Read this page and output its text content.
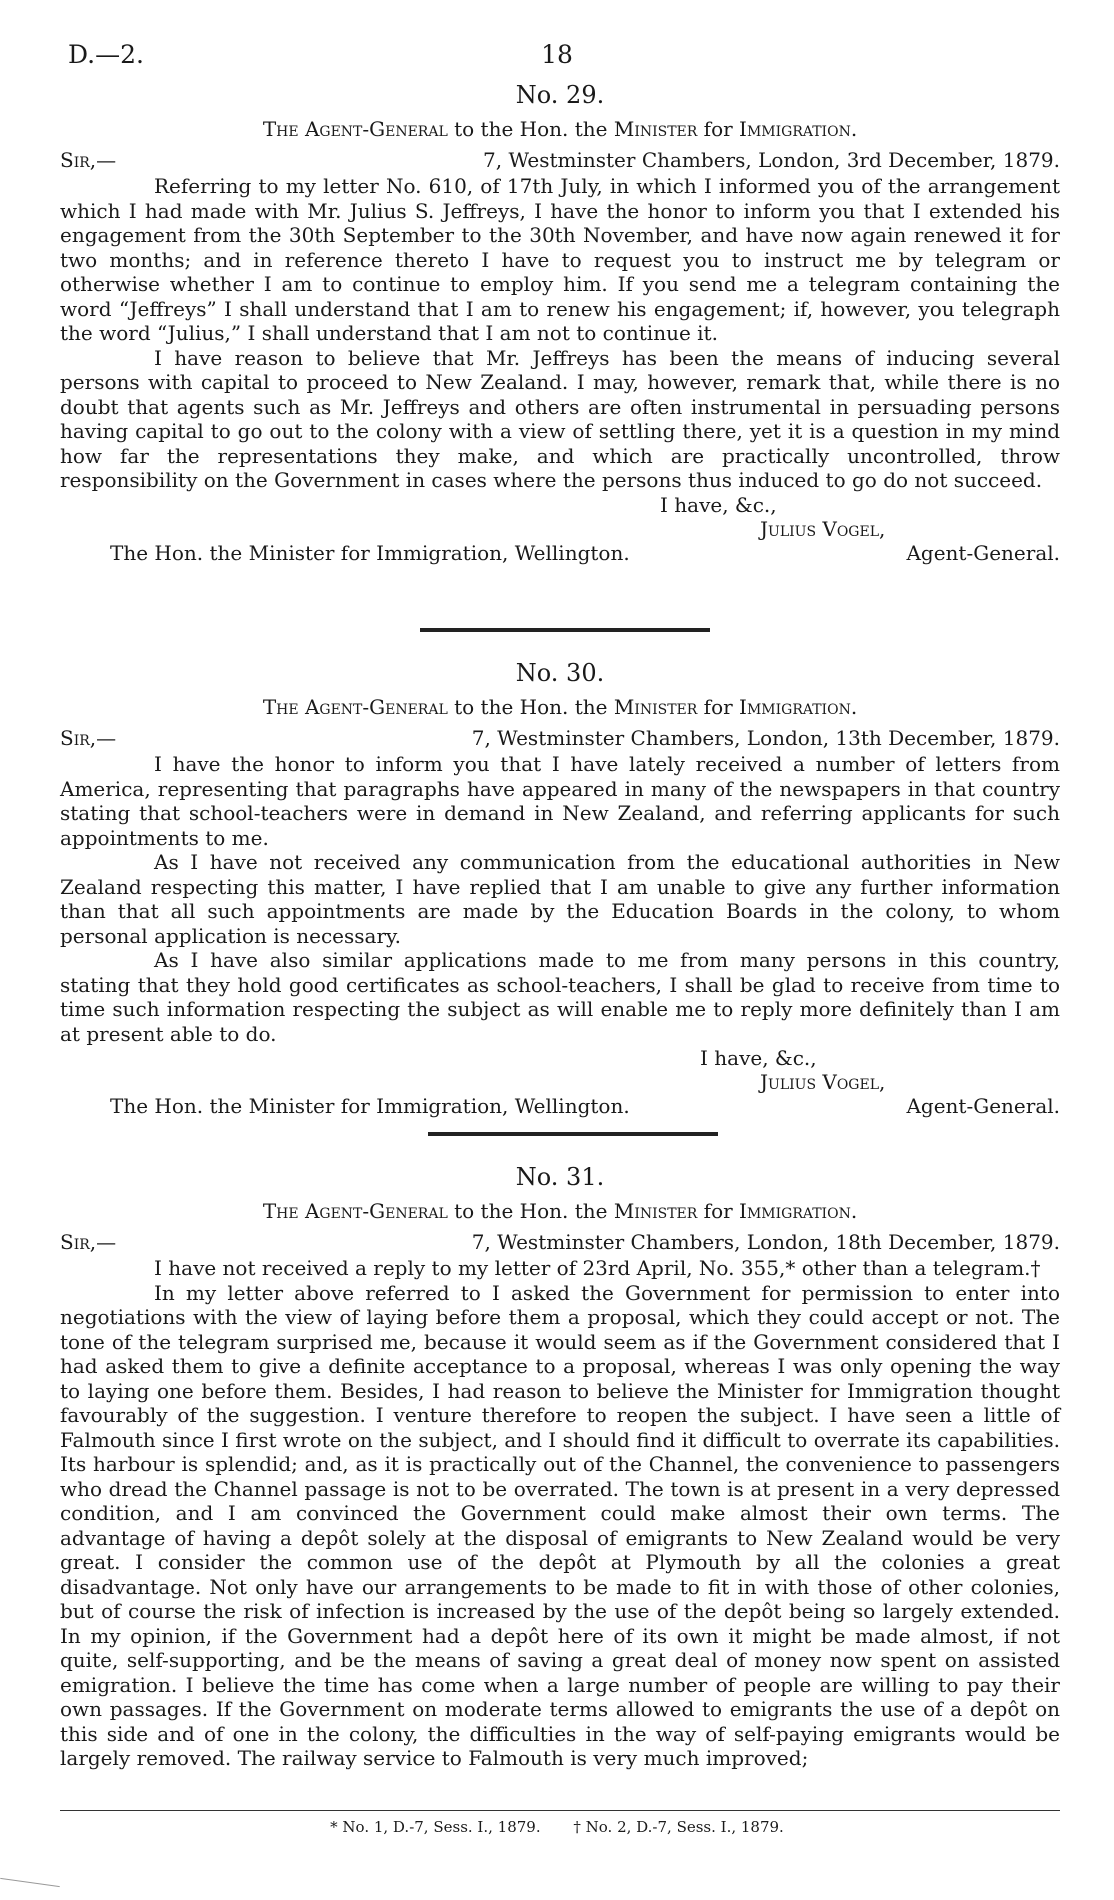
D.—2.	18
No. 29.
The Agent-General to the Hon. the Minister for Immigration.
Sir,—	7, Westminster Chambers, London, 3rd December, 1879.

Referring to my letter No. 610, of 17th July, in which I informed you of the arrangement which I had made with Mr. Julius S. Jeffreys, I have the honor to inform you that I extended his engagement from the 30th September to the 30th November, and have now again renewed it for two months; and in reference thereto I have to request you to instruct me by telegram or otherwise whether I am to continue to employ him. If you send me a telegram containing the word “Jeffreys” I shall understand that I am to renew his engagement; if, however, you telegraph the word “Julius,” I shall understand that I am not to continue it.

I have reason to believe that Mr. Jeffreys has been the means of inducing several persons with capital to proceed to New Zealand. I may, however, remark that, while there is no doubt that agents such as Mr. Jeffreys and others are often instrumental in persuading persons having capital to go out to the colony with a view of settling there, yet it is a question in my mind how far the representations they make, and which are practically uncontrolled, throw responsibility on the Government in cases where the persons thus induced to go do not succeed.

I have, &c.,
Julius Vogel,
The Hon. the Minister for Immigration, Wellington.	Agent-General.
No. 30.
The Agent-General to the Hon. the Minister for Immigration.
Sir,—	7, Westminster Chambers, London, 13th December, 1879.

I have the honor to inform you that I have lately received a number of letters from America, representing that paragraphs have appeared in many of the newspapers in that country stating that school-teachers were in demand in New Zealand, and referring applicants for such appointments to me.

As I have not received any communication from the educational authorities in New Zealand respecting this matter, I have replied that I am unable to give any further information than that all such appointments are made by the Education Boards in the colony, to whom personal application is necessary.

As I have also similar applications made to me from many persons in this country, stating that they hold good certificates as school-teachers, I shall be glad to receive from time to time such information respecting the subject as will enable me to reply more definitely than I am at present able to do.

I have, &c.,
Julius Vogel,
The Hon. the Minister for Immigration, Wellington.	Agent-General.
No. 31.
The Agent-General to the Hon. the Minister for Immigration.
Sir,—	7, Westminster Chambers, London, 18th December, 1879.

I have not received a reply to my letter of 23rd April, No. 355,* other than a telegram.†

In my letter above referred to I asked the Government for permission to enter into negotiations with the view of laying before them a proposal, which they could accept or not. The tone of the telegram surprised me, because it would seem as if the Government considered that I had asked them to give a definite acceptance to a proposal, whereas I was only opening the way to laying one before them. Besides, I had reason to believe the Minister for Immigration thought favourably of the suggestion. I venture therefore to reopen the subject. I have seen a little of Falmouth since I first wrote on the subject, and I should find it difficult to overrate its capabilities. Its harbour is splendid; and, as it is practically out of the Channel, the convenience to passengers who dread the Channel passage is not to be overrated. The town is at present in a very depressed condition, and I am convinced the Government could make almost their own terms. The advantage of having a depôt solely at the disposal of emigrants to New Zealand would be very great. I consider the common use of the depôt at Plymouth by all the colonies a great disadvantage. Not only have our arrangements to be made to fit in with those of other colonies, but of course the risk of infection is increased by the use of the depôt being so largely extended. In my opinion, if the Government had a depôt here of its own it might be made almost, if not quite, self-supporting, and be the means of saving a great deal of money now spent on assisted emigration. I believe the time has come when a large number of people are willing to pay their own passages. If the Government on moderate terms allowed to emigrants the use of a depôt on this side and of one in the colony, the difficulties in the way of self-paying emigrants would be largely removed. The railway service to Falmouth is very much improved;

* No. 1, D.-7, Sess. I., 1879. † No. 2, D.-7, Sess. I., 1879.
